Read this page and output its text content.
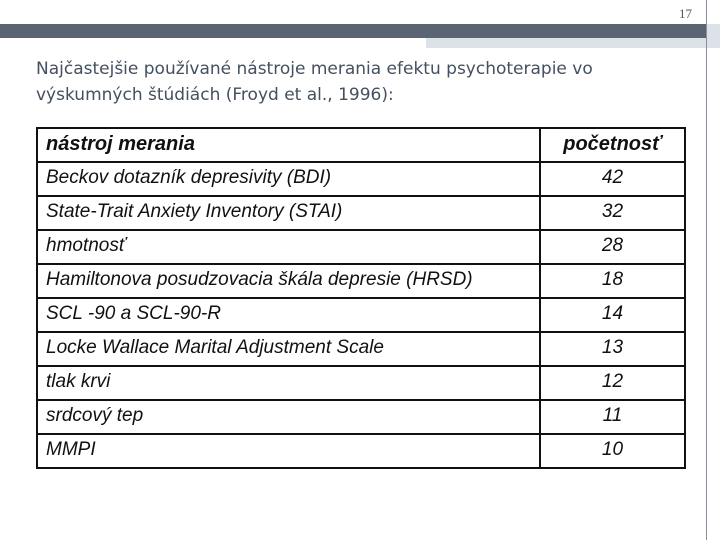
17
Najčastejšie používané nástroje merania efektu psychoterapie vo výskumných štúdiách (Froyd et al., 1996):
nástroj merania	početnosť
Beckov dotazník depresivity (BDI)	42
State-Trait Anxiety Inventory (STAI)	32
hmotnosť	28
Hamiltonova posudzovacia škála depresie (HRSD)	18
SCL -90 a SCL-90-R	14
Locke Wallace Marital Adjustment Scale	13
tlak krvi	12
srdcový tep	11
MMPI	10
